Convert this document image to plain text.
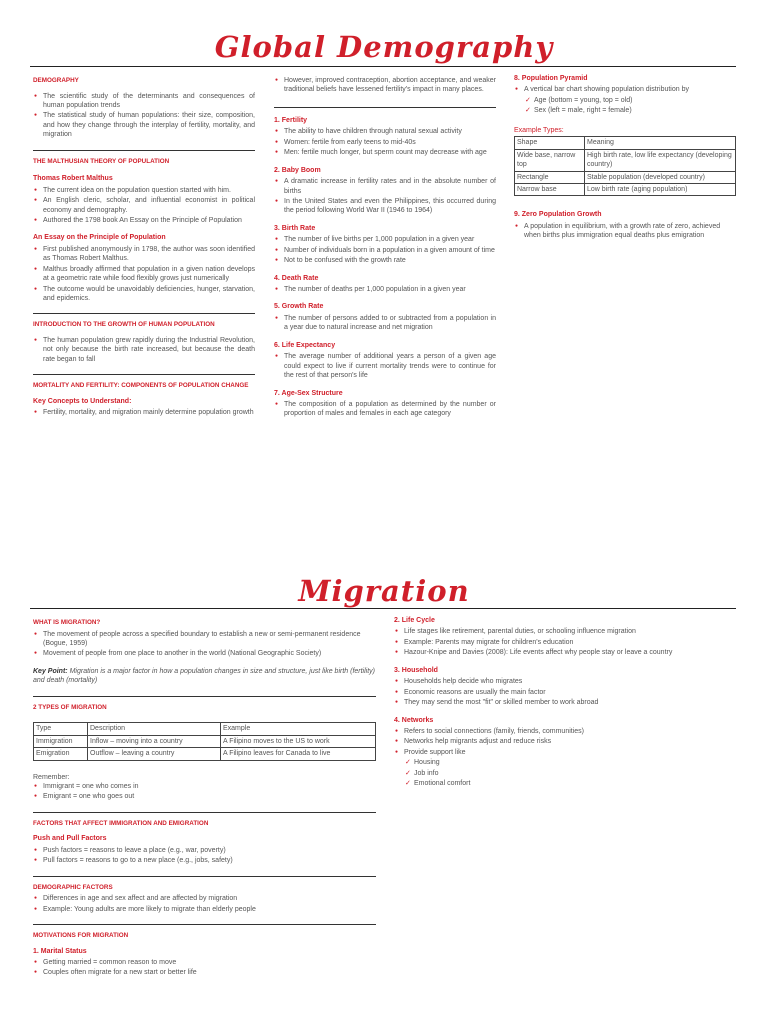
Global Demography
DEMOGRAPHY
● The scientific study of the determinants and consequences of human population trends
● The statistical study of human populations: their size, composition, and how they change through the interplay of fertility, mortality, and migration
THE MALTHUSIAN THEORY OF POPULATION
Thomas Robert Malthus
● The current idea on the population question started with him.
● An English cleric, scholar, and influential economist in political economy and demography.
● Authored the 1798 book An Essay on the Principle of Population
An Essay on the Principle of Population
● First published anonymously in 1798, the author was soon identified as Thomas Robert Malthus.
● Malthus broadly affirmed that population in a given nation develops at a geometric rate while food flexibly grows just numerically
● The outcome would be unavoidably deficiencies, hunger, starvation, and epidemics.
INTRODUCTION TO THE GROWTH OF HUMAN POPULATION
● The human population grew rapidly during the Industrial Revolution, not only because the birth rate increased, but because the death rate began to fall
MORTALITY AND FERTILITY: COMPONENTS OF POPULATION CHANGE
Key Concepts to Understand:
● Fertility, mortality, and migration mainly determine population growth
● However, improved contraception, abortion acceptance, and weaker traditional beliefs have lessened fertility's impact in many places.
1. Fertility
● The ability to have children through natural sexual activity
● Women: fertile from early teens to mid-40s
● Men: fertile much longer, but sperm count may decrease with age
2. Baby Boom
● A dramatic increase in fertility rates and in the absolute number of births
● In the United States and even the Philippines, this occurred during the period following World War II (1946 to 1964)
3. Birth Rate
● The number of live births per 1,000 population in a given year
● Number of individuals born in a population in a given amount of time
● Not to be confused with the growth rate
4. Death Rate
● The number of deaths per 1,000 population in a given year
5. Growth Rate
● The number of persons added to or subtracted from a population in a year due to natural increase and net migration
6. Life Expectancy
● The average number of additional years a person of a given age could expect to live if current mortality trends were to continue for the rest of that person's life
7. Age-Sex Structure
● The composition of a population as determined by the number or proportion of males and females in each age category
8. Population Pyramid
● A vertical bar chart showing population distribution by
✓ Age (bottom = young, top = old)
✓ Sex (left = male, right = female)
Example Types:
Shape	Meaning
Wide base, narrow top	High birth rate, low life expectancy (developing country)
Rectangle	Stable population (developed country)
Narrow base	Low birth rate (aging population)
9. Zero Population Growth
● A population in equilibrium, with a growth rate of zero, achieved when births plus immigration equal deaths plus emigration
Migration
WHAT IS MIGRATION?
● The movement of people across a specified boundary to establish a new or semi-permanent residence (Bogue, 1959)
● Movement of people from one place to another in the world (National Geographic Society)
Key Point: Migration is a major factor in how a population changes in size and structure, just like birth (fertility) and death (mortality)
2 TYPES OF MIGRATION
Type	Description	Example
Immigration	Inflow – moving into a country	A Filipino moves to the US to work
Emigration	Outflow – leaving a country	A Filipino leaves for Canada to live
Remember:
● Immigrant = one who comes in
● Emigrant = one who goes out
FACTORS THAT AFFECT IMMIGRATION AND EMIGRATION
Push and Pull Factors
● Push factors = reasons to leave a place (e.g., war, poverty)
● Pull factors = reasons to go to a new place (e.g., jobs, safety)
DEMOGRAPHIC FACTORS
● Differences in age and sex affect and are affected by migration
● Example: Young adults are more likely to migrate than elderly people
MOTIVATIONS FOR MIGRATION
1. Marital Status
● Getting married = common reason to move
● Couples often migrate for a new start or better life
2. Life Cycle
● Life stages like retirement, parental duties, or schooling influence migration
● Example: Parents may migrate for children's education
● Hazour-Knipe and Davies (2008): Life events affect why people stay or leave a country
3. Household
● Households help decide who migrates
● Economic reasons are usually the main factor
● They may send the most "fit" or skilled member to work abroad
4. Networks
● Refers to social connections (family, friends, communities)
● Networks help migrants adjust and reduce risks
● Provide support like
✓ Housing
✓ Job info
✓ Emotional comfort
